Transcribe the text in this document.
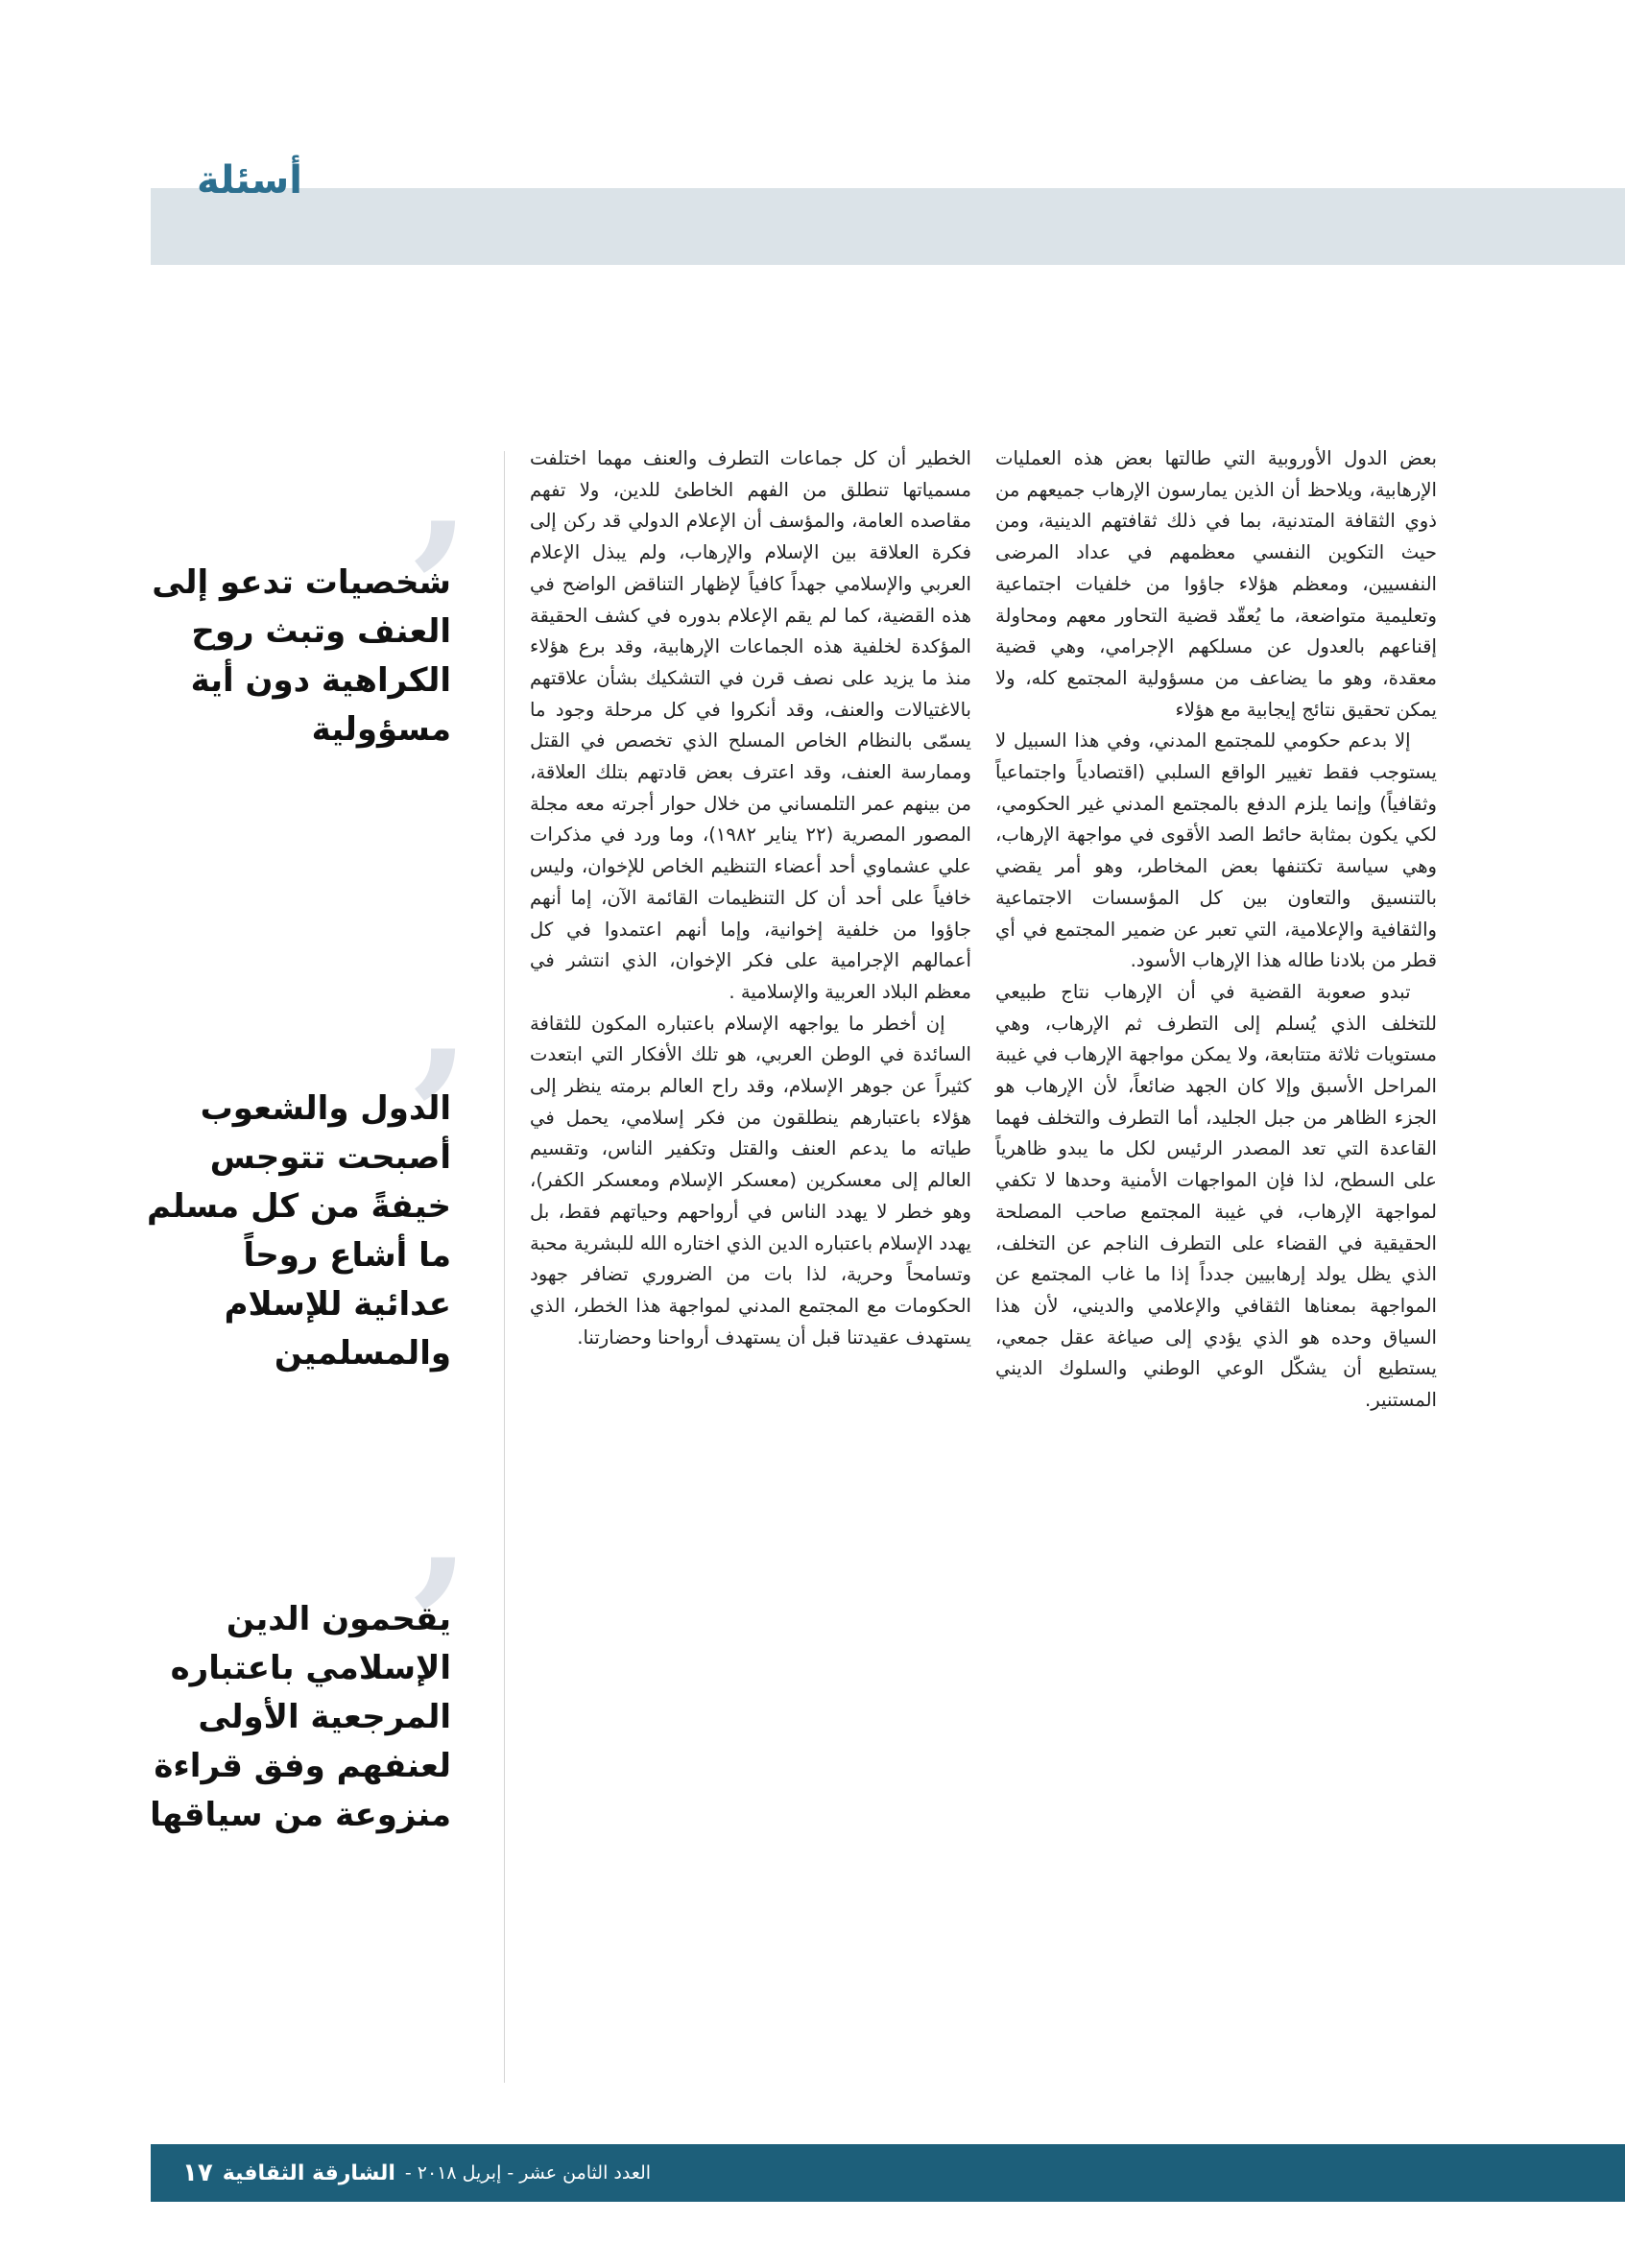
أسئلة
’
شخصيات تدعو إلى العنف وتبث روح الكراهية دون أية مسؤولية
’
الدول والشعوب أصبحت تتوجس خيفةً من كل مسلم ما أشاع روحاً عدائية للإسلام والمسلمين
’
يقحمون الدين الإسلامي باعتباره المرجعية الأولى لعنفهم وفق قراءة منزوعة من سياقها

الخطير أن كل جماعات التطرف والعنف مهما اختلفت مسمياتها تنطلق من الفهم الخاطئ للدين، ولا تفهم مقاصده العامة، والمؤسف أن الإعلام الدولي قد ركن إلى فكرة العلاقة بين الإسلام والإرهاب، ولم يبذل الإعلام العربي والإسلامي جهداً كافياً لإظهار التناقض الواضح في هذه القضية، كما لم يقم الإعلام بدوره في كشف الحقيقة المؤكدة لخلفية هذه الجماعات الإرهابية، وقد برع هؤلاء منذ ما يزيد على نصف قرن في التشكيك بشأن علاقتهم بالاغتيالات والعنف، وقد أنكروا في كل مرحلة وجود ما يسمّى بالنظام الخاص المسلح الذي تخصص في القتل وممارسة العنف، وقد اعترف بعض قادتهم بتلك العلاقة، من بينهم عمر التلمساني من خلال حوار أجرته معه مجلة المصور المصرية (٢٢ يناير ١٩٨٢)، وما ورد في مذكرات علي عشماوي أحد أعضاء التنظيم الخاص للإخوان، وليس خافياً على أحد أن كل التنظيمات القائمة الآن، إما أنهم جاؤوا من خلفية إخوانية، وإما أنهم اعتمدوا في كل أعمالهم الإجرامية على فكر الإخوان، الذي انتشر في معظم البلاد العربية والإسلامية .

إن أخطر ما يواجهه الإسلام باعتباره المكون للثقافة السائدة في الوطن العربي، هو تلك الأفكار التي ابتعدت كثيراً عن جوهر الإسلام، وقد راح العالم برمته ينظر إلى هؤلاء باعتبارهم ينطلقون من فكر إسلامي، يحمل في طياته ما يدعم العنف والقتل وتكفير الناس، وتقسيم العالم إلى معسكرين (معسكر الإسلام ومعسكر الكفر)، وهو خطر لا يهدد الناس في أرواحهم وحياتهم فقط، بل يهدد الإسلام باعتباره الدين الذي اختاره الله للبشرية محبة وتسامحاً وحرية، لذا بات من الضروري تضافر جهود الحكومات مع المجتمع المدني لمواجهة هذا الخطر، الذي يستهدف عقيدتنا قبل أن يستهدف أرواحنا وحضارتنا.

بعض الدول الأوروبية التي طالتها بعض هذه العمليات الإرهابية، ويلاحظ أن الذين يمارسون الإرهاب جميعهم من ذوي الثقافة المتدنية، بما في ذلك ثقافتهم الدينية، ومن حيث التكوين النفسي معظمهم في عداد المرضى النفسيين، ومعظم هؤلاء جاؤوا من خلفيات اجتماعية وتعليمية متواضعة، ما يُعقّد قضية التحاور معهم ومحاولة إقناعهم بالعدول عن مسلكهم الإجرامي، وهي قضية معقدة، وهو ما يضاعف من مسؤولية المجتمع كله، ولا يمكن تحقيق نتائج إيجابية مع هؤلاء

إلا بدعم حكومي للمجتمع المدني، وفي هذا السبيل لا يستوجب فقط تغيير الواقع السلبي (اقتصادياً واجتماعياً وثقافياً) وإنما يلزم الدفع بالمجتمع المدني غير الحكومي، لكي يكون بمثابة حائط الصد الأقوى في مواجهة الإرهاب، وهي سياسة تكتنفها بعض المخاطر، وهو أمر يقضي بالتنسيق والتعاون بين كل المؤسسات الاجتماعية والثقافية والإعلامية، التي تعبر عن ضمير المجتمع في أي قطر من بلادنا طاله هذا الإرهاب الأسود.

تبدو صعوبة القضية في أن الإرهاب نتاج طبيعي للتخلف الذي يُسلم إلى التطرف ثم الإرهاب، وهي مستويات ثلاثة متتابعة، ولا يمكن مواجهة الإرهاب في غيبة المراحل الأسبق وإلا كان الجهد ضائعاً، لأن الإرهاب هو الجزء الظاهر من جبل الجليد، أما التطرف والتخلف فهما القاعدة التي تعد المصدر الرئيس لكل ما يبدو ظاهرياً على السطح، لذا فإن المواجهات الأمنية وحدها لا تكفي لمواجهة الإرهاب، في غيبة المجتمع صاحب المصلحة الحقيقية في القضاء على التطرف الناجم عن التخلف، الذي يظل يولد إرهابيين جدداً إذا ما غاب المجتمع عن المواجهة بمعناها الثقافي والإعلامي والديني، لأن هذا السياق وحده هو الذي يؤدي إلى صياغة عقل جمعي، يستطيع أن يشكّل الوعي الوطني والسلوك الديني المستنير.

العدد الثامن عشر - إبريل ٢٠١٨ -
الشارقة الثقافية
١٧
